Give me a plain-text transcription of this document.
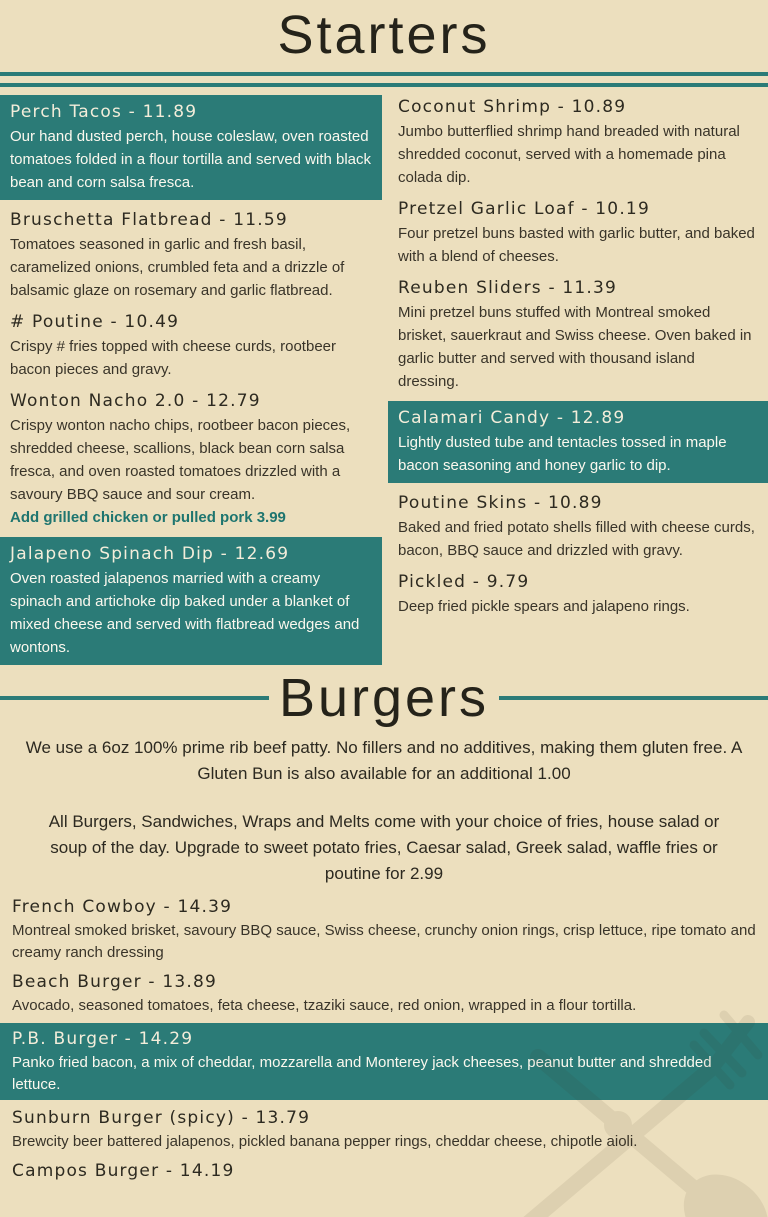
Starters
Perch Tacos - 11.89
Our hand dusted perch, house coleslaw, oven roasted tomatoes folded in a flour tortilla and served with black bean and corn salsa fresca.
Bruschetta Flatbread - 11.59
Tomatoes seasoned in garlic and fresh basil, caramelized onions, crumbled feta and a drizzle of balsamic glaze on rosemary and garlic flatbread.
# Poutine - 10.49
Crispy # fries topped with cheese curds, rootbeer bacon pieces and gravy.
Wonton Nacho 2.0 - 12.79
Crispy wonton nacho chips, rootbeer bacon pieces, shredded cheese, scallions, black bean corn salsa fresca, and oven roasted tomatoes drizzled with a savoury BBQ sauce and sour cream.
Add grilled chicken or pulled pork 3.99
Jalapeno Spinach Dip - 12.69
Oven roasted jalapenos married with a creamy spinach and artichoke dip baked under a blanket of mixed cheese and served with flatbread wedges and wontons.
Coconut Shrimp - 10.89
Jumbo butterflied shrimp hand breaded with natural shredded coconut, served with a homemade pina colada dip.
Pretzel Garlic Loaf - 10.19
Four pretzel buns basted with garlic butter, and baked with a blend of cheeses.
Reuben Sliders - 11.39
Mini pretzel buns stuffed with Montreal smoked brisket, sauerkraut and Swiss cheese. Oven baked in garlic butter and served with thousand island dressing.
Calamari Candy - 12.89
Lightly dusted tube and tentacles tossed in maple bacon seasoning and honey garlic to dip.
Poutine Skins - 10.89
Baked and fried potato shells filled with cheese curds, bacon, BBQ sauce and drizzled with gravy.
Pickled - 9.79
Deep fried pickle spears and jalapeno rings.
Burgers

We use a 6oz 100% prime rib beef patty. No fillers and no additives, making them gluten free. A Gluten Bun is also available for an additional 1.00

All Burgers, Sandwiches, Wraps and Melts come with your choice of fries, house salad or soup of the day. Upgrade to sweet potato fries, Caesar salad, Greek salad, waffle fries or poutine for 2.99

French Cowboy - 14.39
Montreal smoked brisket, savoury BBQ sauce, Swiss cheese, crunchy onion rings, crisp lettuce, ripe tomato and creamy ranch dressing
Beach Burger - 13.89
Avocado, seasoned tomatoes, feta cheese, tzaziki sauce, red onion, wrapped in a flour tortilla.
P.B. Burger - 14.29
Panko fried bacon, a mix of cheddar, mozzarella and Monterey jack cheeses, peanut butter and shredded lettuce.
Sunburn Burger (spicy) - 13.79
Brewcity beer battered jalapenos, pickled banana pepper rings, cheddar cheese, chipotle aioli.
Campos Burger - 14.19
